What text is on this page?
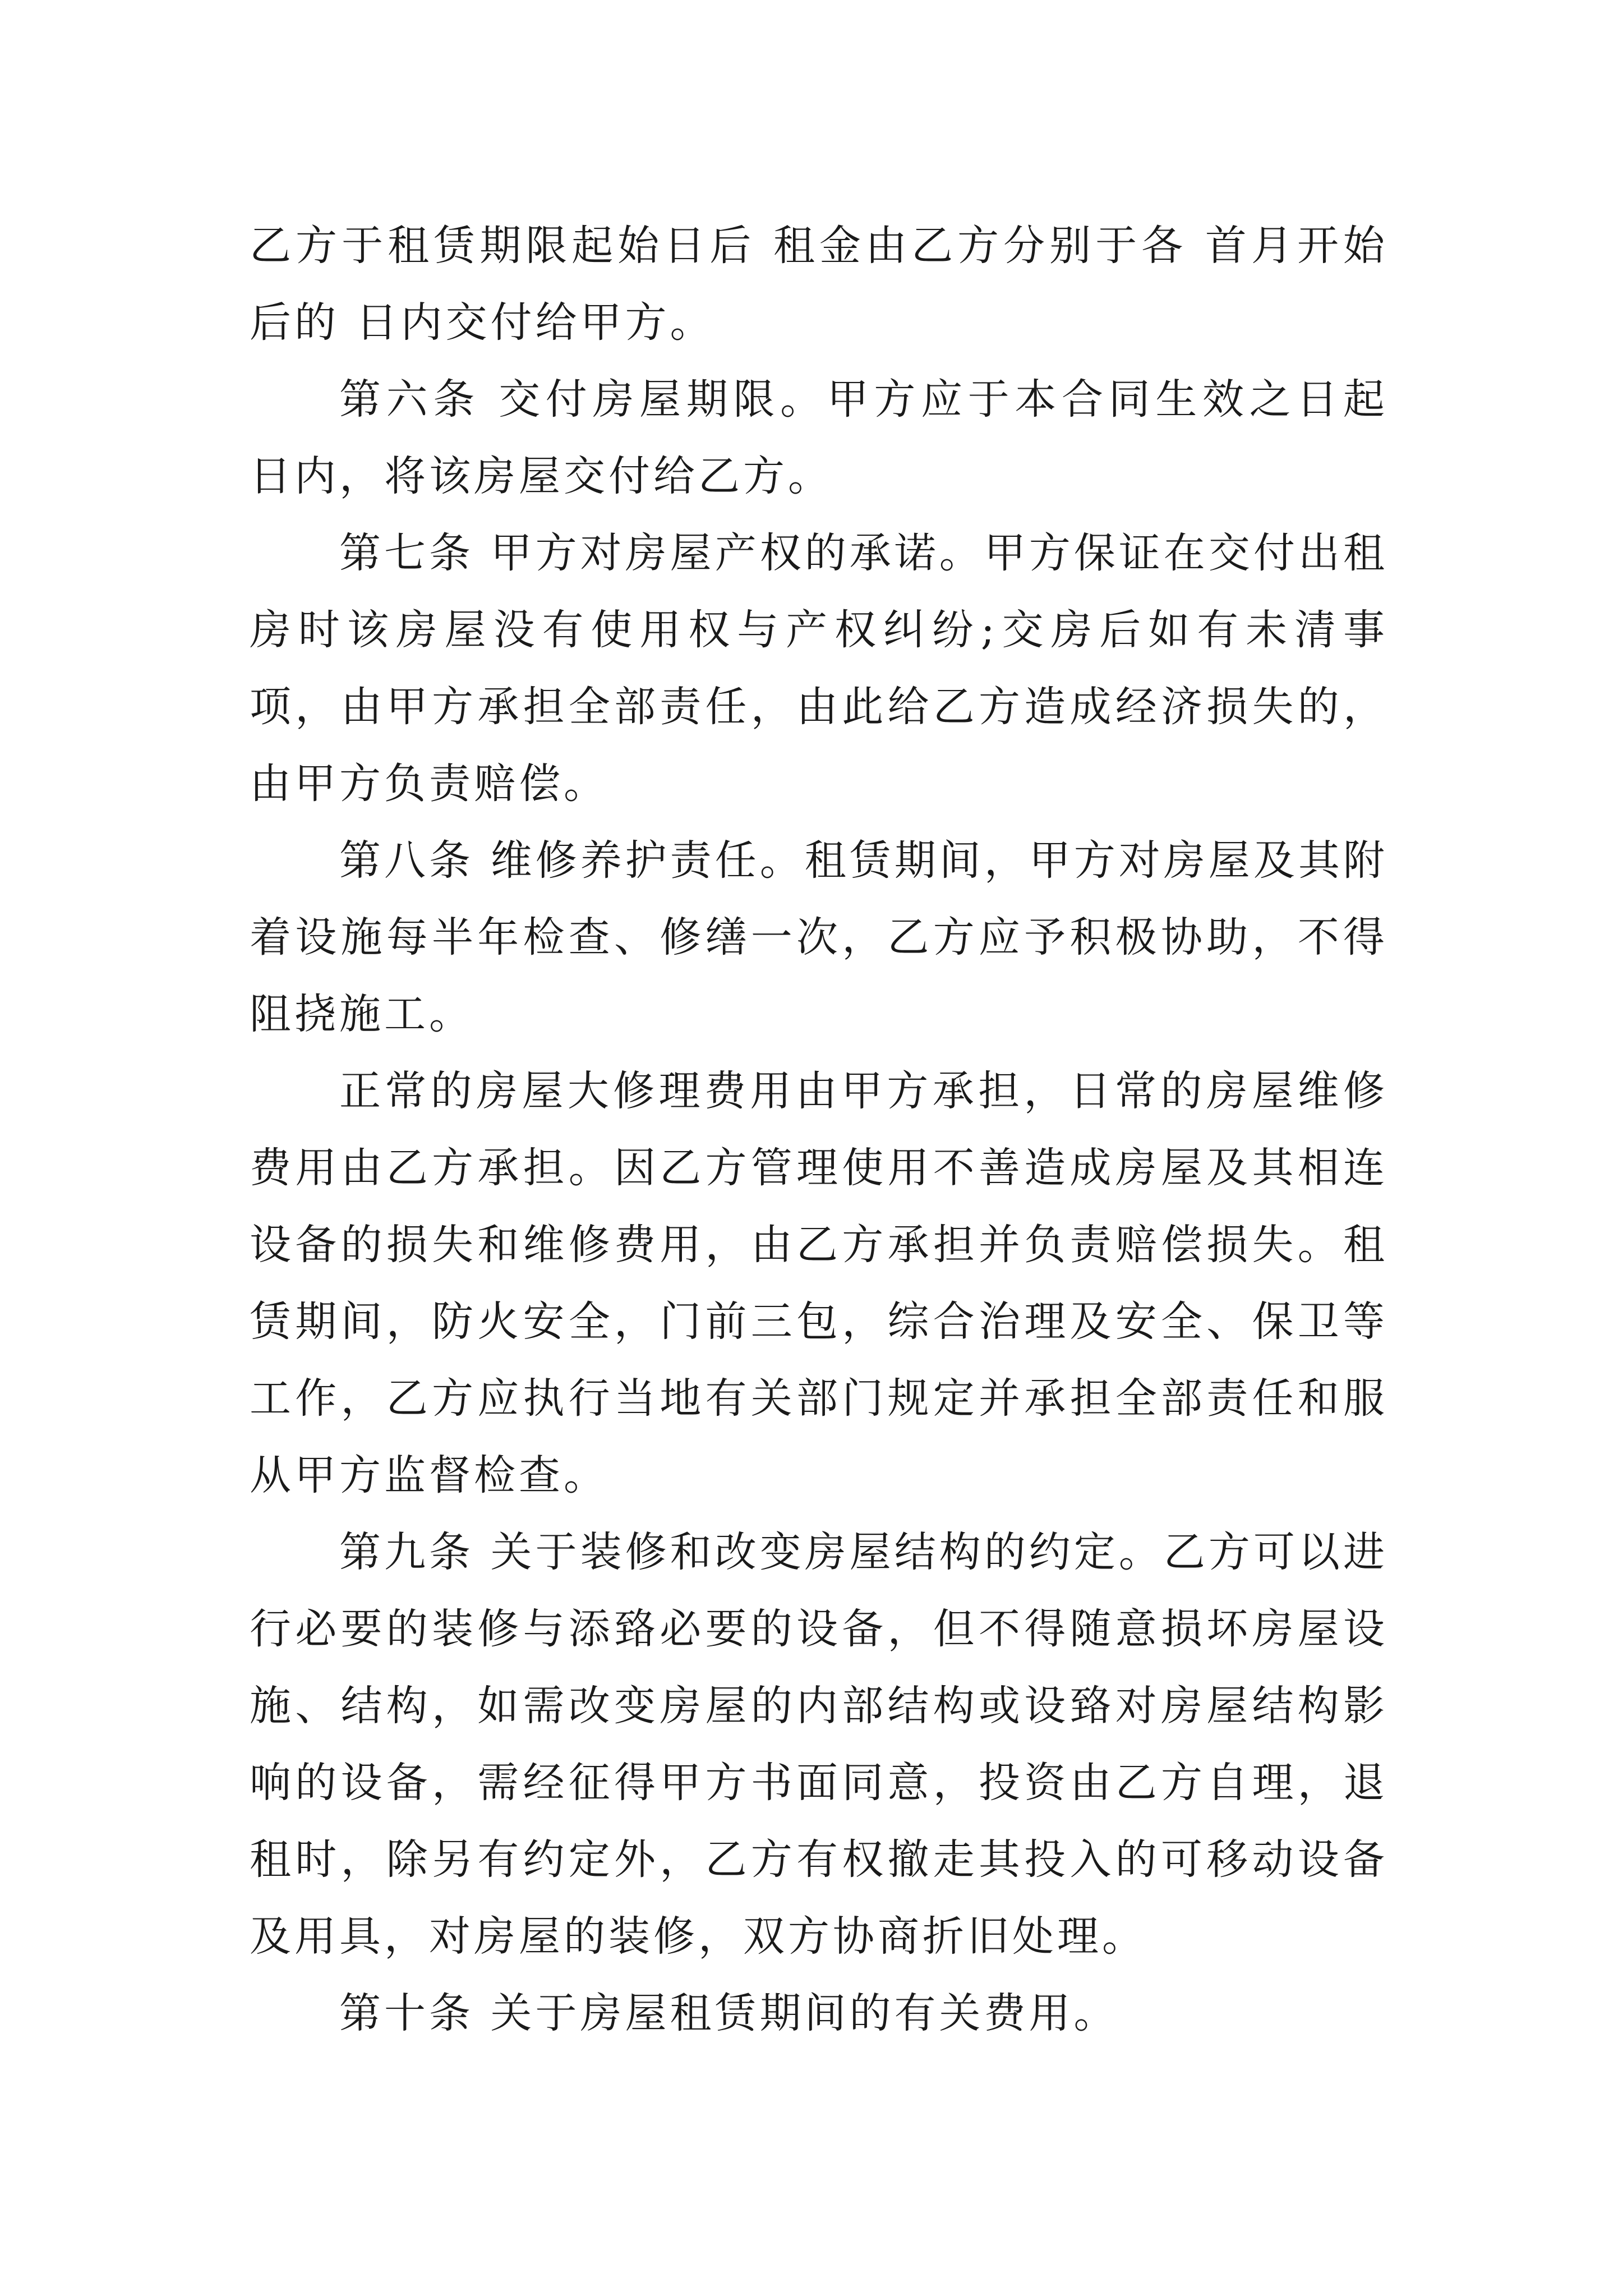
乙方于租赁期限起始日后 租金由乙方分别于各 首月开始后的 日内交付给甲方。

第六条 交付房屋期限。甲方应于本合同生效之日起 日内，将该房屋交付给乙方。

第七条 甲方对房屋产权的承诺。甲方保证在交付出租房时该房屋没有使用权与产权纠纷;交房后如有未清事项，由甲方承担全部责任，由此给乙方造成经济损失的，由甲方负责赔偿。

第八条 维修养护责任。租赁期间，甲方对房屋及其附着设施每半年检查、修缮一次，乙方应予积极协助，不得阻挠施工。

正常的房屋大修理费用由甲方承担，日常的房屋维修费用由乙方承担。因乙方管理使用不善造成房屋及其相连设备的损失和维修费用，由乙方承担并负责赔偿损失。租赁期间，防火安全，门前三包，综合治理及安全、保卫等工作，乙方应执行当地有关部门规定并承担全部责任和服从甲方监督检查。

第九条 关于装修和改变房屋结构的约定。乙方可以进行必要的装修与添臵必要的设备，但不得随意损坏房屋设施、结构，如需改变房屋的内部结构或设臵对房屋结构影响的设备，需经征得甲方书面同意，投资由乙方自理，退租时，除另有约定外，乙方有权撤走其投入的可移动设备及用具，对房屋的装修，双方协商折旧处理。

第十条 关于房屋租赁期间的有关费用。
